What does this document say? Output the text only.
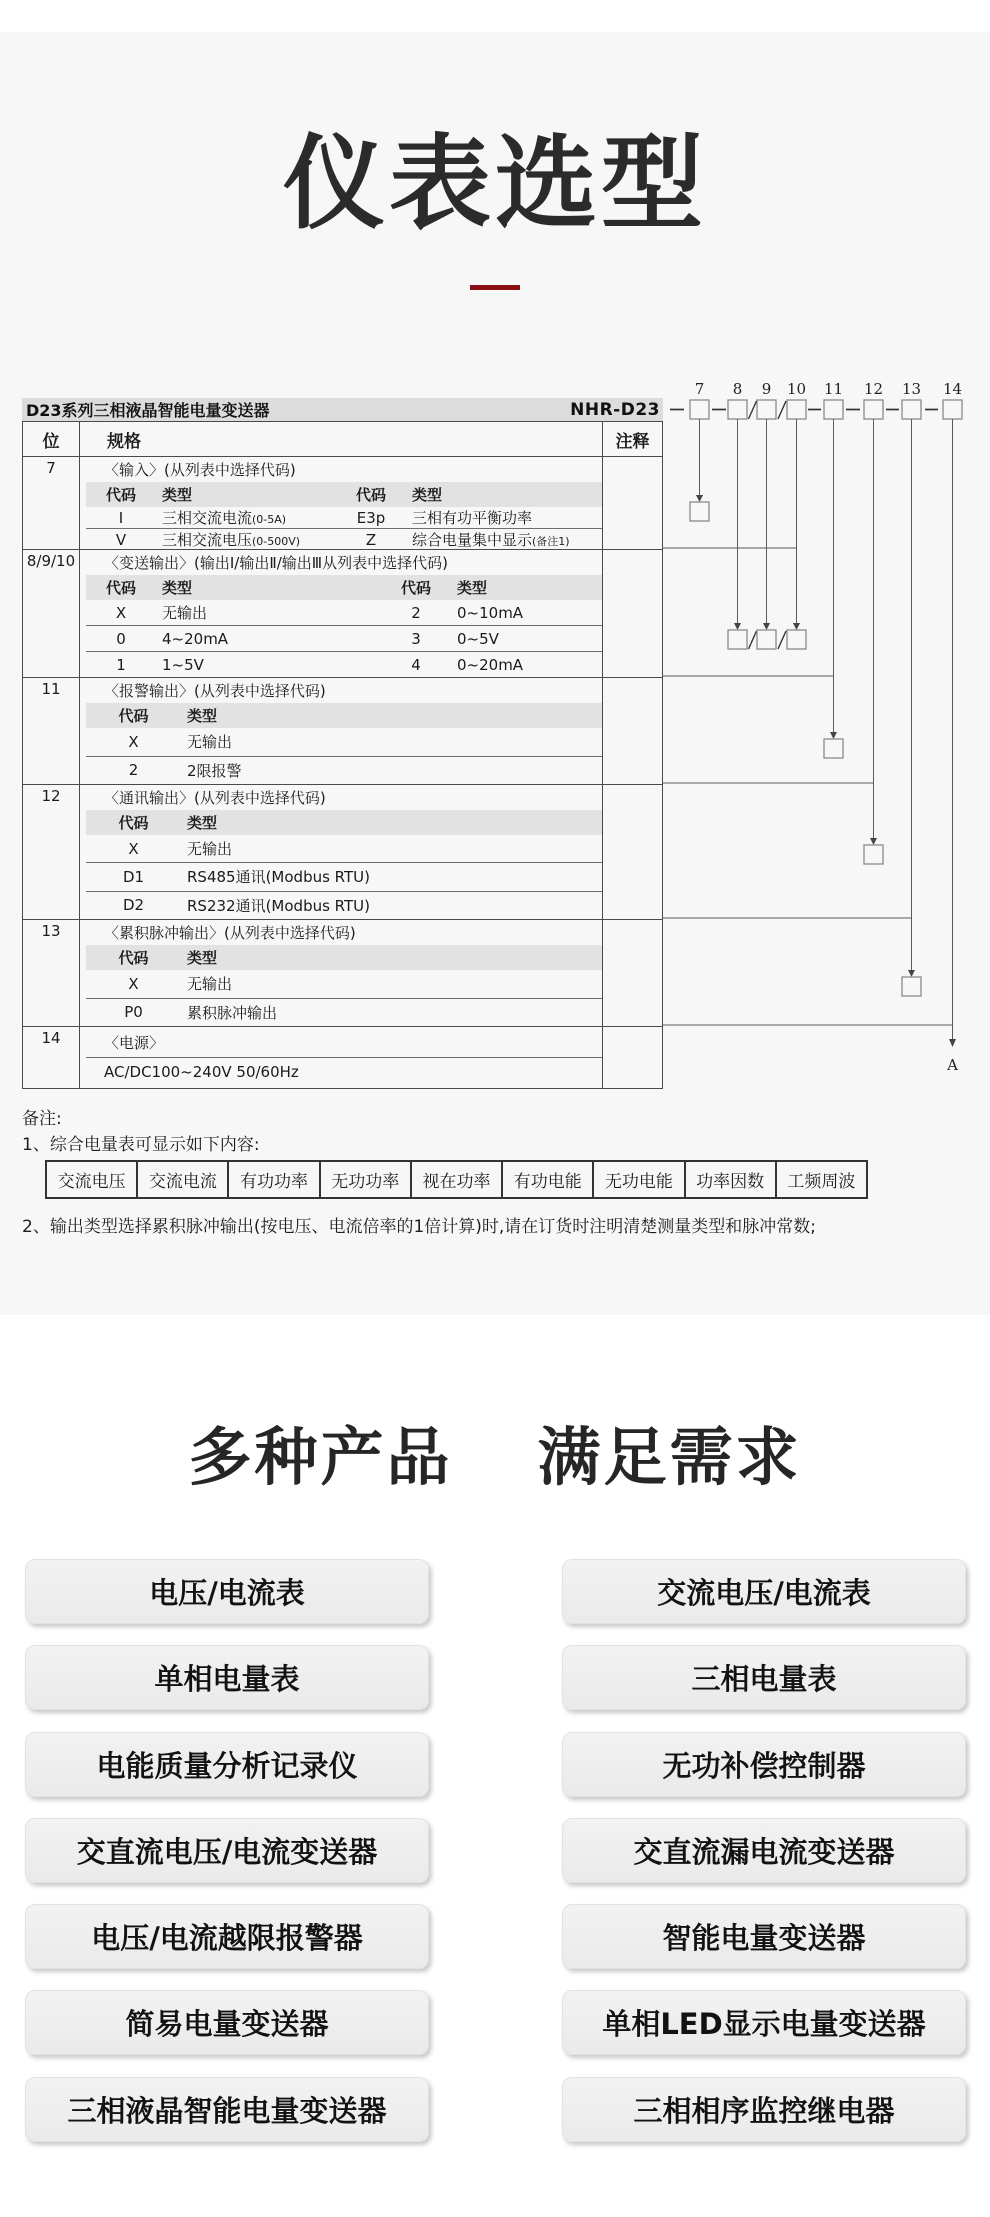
仪表选型
D23系列三相液晶智能电量变送器	NHR-D23
位	规格	注释
7	〈输入〉(从列表中选择代码)
代码	类型	代码	类型
I	三相交流电流(0-5A)	E3p	三相有功平衡功率
V	三相交流电压(0-500V)	Z	综合电量集中显示(备注1)
8/9/10	〈变送输出〉(输出Ⅰ/输出Ⅱ/输出Ⅲ从列表中选择代码)
代码	类型	代码	类型
X	无输出	2	0~10mA
0	4~20mA	3	0~5V
1	1~5V	4	0~20mA
11	〈报警输出〉(从列表中选择代码)
代码	类型
X	无输出
2	2限报警
12	〈通讯输出〉(从列表中选择代码)
代码	类型
X	无输出
D1	RS485通讯(Modbus RTU)
D2	RS232通讯(Modbus RTU)
13	〈累积脉冲输出〉(从列表中选择代码)
代码	类型
X	无输出
P0	累积脉冲输出
14	〈电源〉
AC/DC100~240V 50/60Hz
7 8 9 10 11 12 13 14
A
备注:
1、综合电量表可显示如下内容:
交流电压	交流电流	有功功率	无功功率	视在功率	有功电能	无功电能	功率因数	工频周波
2、输出类型选择累积脉冲输出(按电压、电流倍率的1倍计算)时,请在订货时注明清楚测量类型和脉冲常数;
多种产品 满足需求
电压/电流表
单相电量表
电能质量分析记录仪
交直流电压/电流变送器
电压/电流越限报警器
简易电量变送器
三相液晶智能电量变送器
交流电压/电流表
三相电量表
无功补偿控制器
交直流漏电流变送器
智能电量变送器
单相LED显示电量变送器
三相相序监控继电器
